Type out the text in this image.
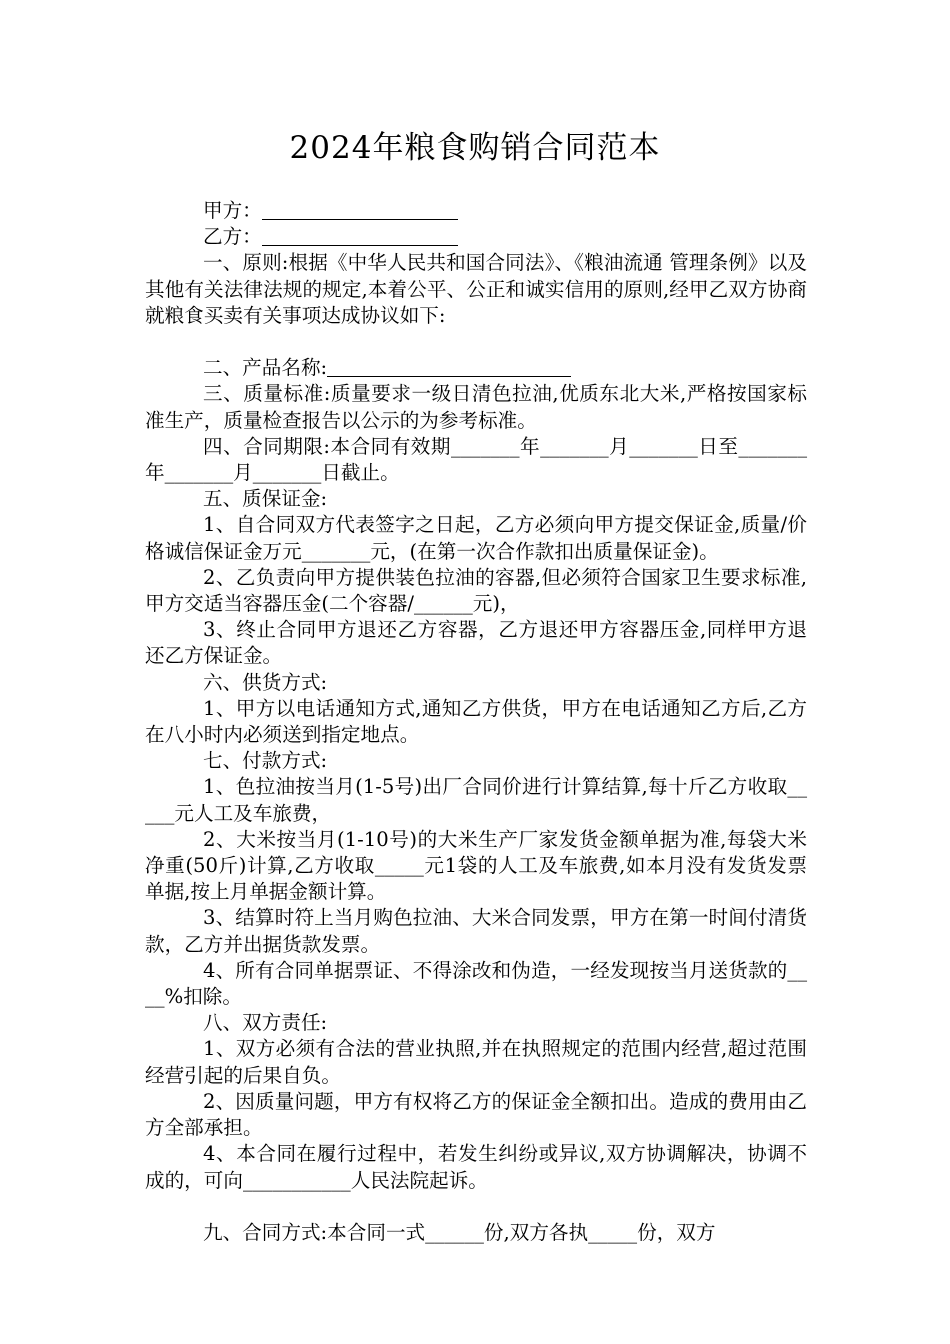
2024年粮食购销合同范本
甲方：
乙方：
一、原则:根据《中华人民共和国合同法》、《粮油流通 管理条例》以及其他有关法律法规的规定,本着公平、公正和诚实信用的原则,经甲乙双方协商就粮食买卖有关事项达成协议如下:
二、产品名称:
三、质量标准:质量要求一级日清色拉油,优质东北大米,严格按国家标准生产，质量检查报告以公示的为参考标准。
四、合同期限:本合同有效期_______年_______月_______日至_______年_______月_______日截止。
五、质保证金:
1、自合同双方代表签字之日起，乙方必须向甲方提交保证金,质量/价格诚信保证金万元_______元，(在第一次合作款扣出质量保证金)。
2、乙负责向甲方提供装色拉油的容器,但必须符合国家卫生要求标准,甲方交适当容器压金(二个容器/______元)，
3、终止合同甲方退还乙方容器，乙方退还甲方容器压金,同样甲方退还乙方保证金。
六、供货方式:
1、甲方以电话通知方式,通知乙方供货，甲方在电话通知乙方后,乙方在八小时内必须送到指定地点。
七、付款方式:
1、色拉油按当月(1-5号)出厂合同价进行计算结算,每十斤乙方收取_____元人工及车旅费，
2、大米按当月(1-10号)的大米生产厂家发货金额单据为准,每袋大米净重(50斤)计算,乙方收取_____元1袋的人工及车旅费,如本月没有发货发票单据,按上月单据金额计算。
3、结算时符上当月购色拉油、大米合同发票，甲方在第一时间付清货款，乙方并出据货款发票。
4、所有合同单据票证、不得涂改和伪造，一经发现按当月送货款的____%扣除。
八、双方责任:
1、双方必须有合法的营业执照,并在执照规定的范围内经营,超过范围经营引起的后果自负。
2、因质量问题，甲方有权将乙方的保证金全额扣出。造成的费用由乙方全部承担。
4、本合同在履行过程中，若发生纠纷或异议,双方协调解决，协调不成的，可向___________人民法院起诉。
九、合同方式:本合同一式______份,双方各执_____份，双方
